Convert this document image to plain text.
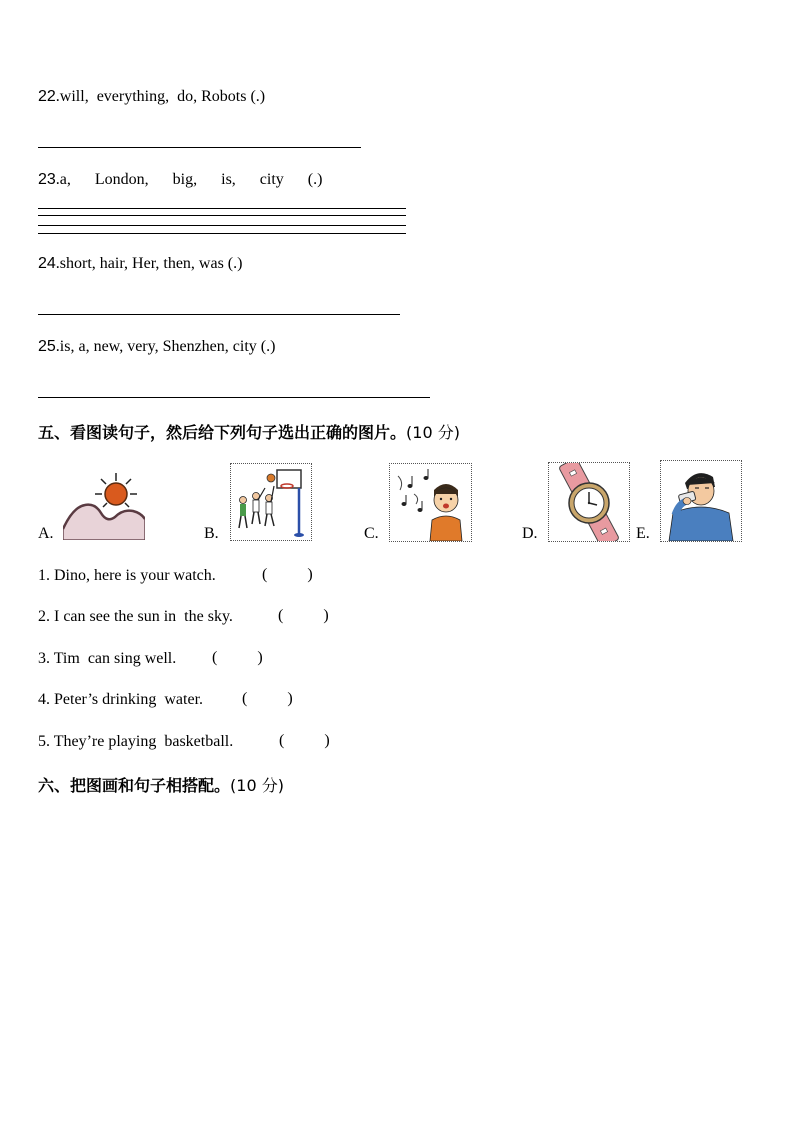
22.will,  everything,  do, Robots (.)
23.a,      London,      big,      is,      city      (.)
24.short, hair, Her, then, was (.)
25.is, a, new, very, Shenzhen, city (.)
五、看图读句子，然后给下列句子选出正确的图片。(10 分)
A.	B.	C.	D.	E.
1. Dino, here is your watch.	(          )
2. I can see the sun in  the sky.	(          )
3. Tim  can sing well. (          )
4. Peter’s drinking  water. (          )
5. They’re playing  basketball.	(          )
六、把图画和句子相搭配。(10 分)
